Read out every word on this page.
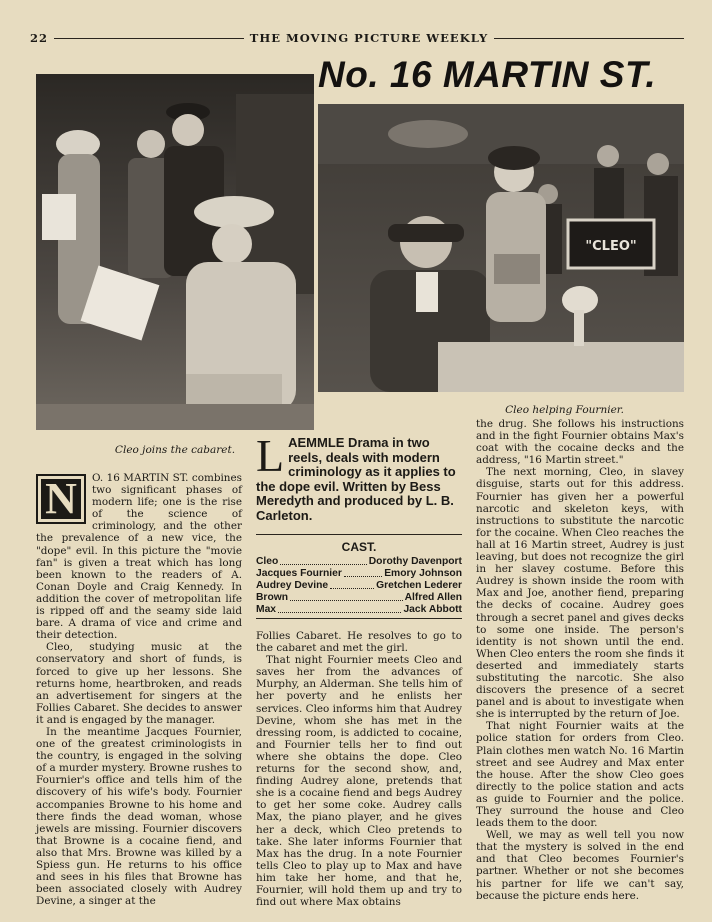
22	THE MOVING PICTURE WEEKLY
No. 16 MARTIN ST.
Cleo joins the cabaret.
"CLEO"
Cleo helping Fournier.
N	O. 16 MARTIN ST. combines two significant phases of modern life; one is the rise of the science of criminology, and the other the prevalence of a new vice, the "dope" evil. In this picture the "movie fan" is given a treat which has long been known to the readers of A. Conan Doyle and Craig Kennedy. In addition the cover of metropolitan life is ripped off and the seamy side laid bare. A drama of vice and crime and their detection.

Cleo, studying music at the conservatory and short of funds, is forced to give up her lessons. She returns home, heartbroken, and reads an advertisement for singers at the Follies Cabaret. She decides to answer it and is engaged by the manager.

In the meantime Jacques Fournier, one of the greatest criminologists in the country, is engaged in the solving of a murder mystery. Browne rushes to Fournier's office and tells him of the discovery of his wife's body. Fournier accompanies Browne to his home and there finds the dead woman, whose jewels are missing. Fournier discovers that Browne is a cocaine fiend, and also that Mrs. Browne was killed by a Spiess gun. He returns to his office and sees in his files that Browne has been associated closely with Audrey Devine, a singer at the

L AEMMLE Drama in two reels, deals with modern criminology as it applies to the dope evil. Written by Bess Meredyth and produced by L. B. Carleton.
CAST.
Cleo	Dorothy Davenport
Jacques Fournier	Emory Johnson
Audrey Devine	Gretchen Lederer
Brown	Alfred Allen
Max	Jack Abbott

Follies Cabaret. He resolves to go to the cabaret and met the girl.

That night Fournier meets Cleo and saves her from the advances of Murphy, an Alderman. She tells him of her poverty and he enlists her services. Cleo informs him that Audrey Devine, whom she has met in the dressing room, is addicted to cocaine, and Fournier tells her to find out where she obtains the dope. Cleo returns for the second show, and, finding Audrey alone, pretends that she is a cocaine fiend and begs Audrey to get her some coke. Audrey calls Max, the piano player, and he gives her a deck, which Cleo pretends to take. She later informs Fournier that Max has the drug. In a note Fournier tells Cleo to play up to Max and have him take her home, and that he, Fournier, will hold them up and try to find out where Max obtains

the drug. She follows his instructions and in the fight Fournier obtains Max's coat with the cocaine decks and the address, "16 Martin street."

The next morning, Cleo, in slavey disguise, starts out for this address. Fournier has given her a powerful narcotic and skeleton keys, with instructions to substitute the narcotic for the cocaine. When Cleo reaches the hall at 16 Martin street, Audrey is just leaving, but does not recognize the girl in her slavey costume. Before this Audrey is shown inside the room with Max and Joe, another fiend, preparing the decks of cocaine. Audrey goes through a secret panel and gives decks to some one inside. The person's identity is not shown until the end. When Cleo enters the room she finds it deserted and immediately starts substituting the narcotic. She also discovers the presence of a secret panel and is about to investigate when she is interrupted by the return of Joe.

That night Fournier waits at the police station for orders from Cleo. Plain clothes men watch No. 16 Martin street and see Audrey and Max enter the house. After the show Cleo goes directly to the police station and acts as guide to Fournier and the police. They surround the house and Cleo leads them to the door.

Well, we may as well tell you now that the mystery is solved in the end and that Cleo becomes Fournier's partner. Whether or not she becomes his partner for life we can't say, because the picture ends here.
